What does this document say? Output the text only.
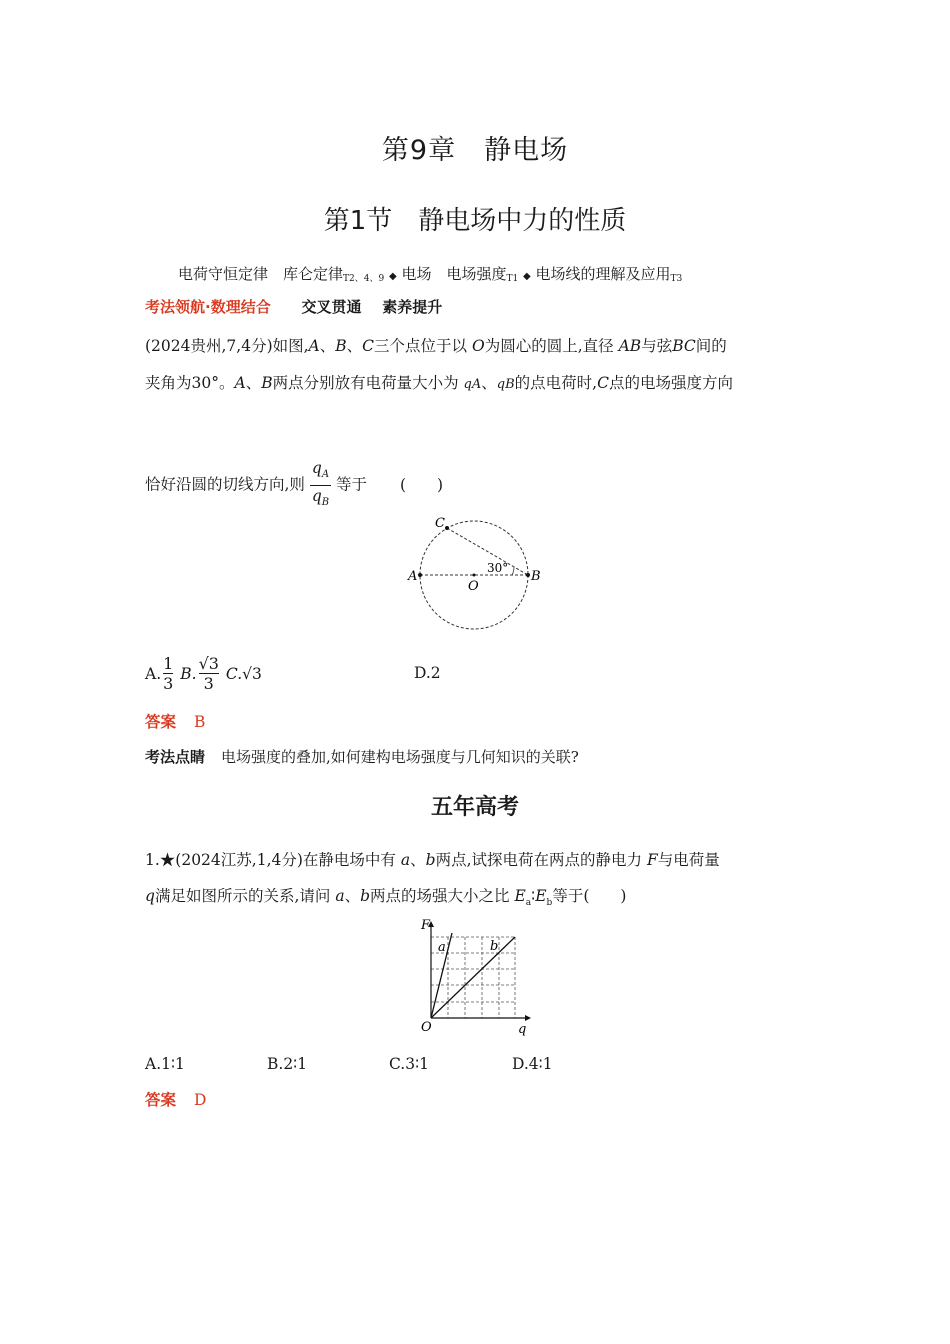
第9章　静电场
第1节　静电场中力的性质
电荷守恒定律　库仑定律$_{T2、4、9}$ ◆ 电场　电场强度$_{T1}$ ◆ 电场线的理解及应用$_{T3}$
考法领航·数理结合 交叉贯通 素养提升
(2024贵州,7,4分)如图,A、B、C三个点位于以 O为圆心的圆上,直径 AB与弦BC间的
夹角为30°。A、B两点分别放有电荷量大小为 qA、qB的点电荷时,C点的电场强度方向
恰好沿圆的切线方向,则 $\frac{q_A}{q_B}$ 等于 (　　)
A	B
C
O
30°
A. $\frac{1}{3}$
B. $\frac{√3}{3}$
C. √3	D.2
答案 B
考法点睛 电场强度的叠加,如何建构电场强度与几何知识的关联?
五年高考
1.★(2024江苏,1,4分)在静电场中有 a、b两点,试探电荷在两点的静电力 F与电荷量
q满足如图所示的关系,请问 a、b两点的场强大小之比 $E_a∶E_b$等于(　　)
F
q
O
a	b
A.1∶1	B.2∶1	C.3∶1	D.4∶1
答案 D
